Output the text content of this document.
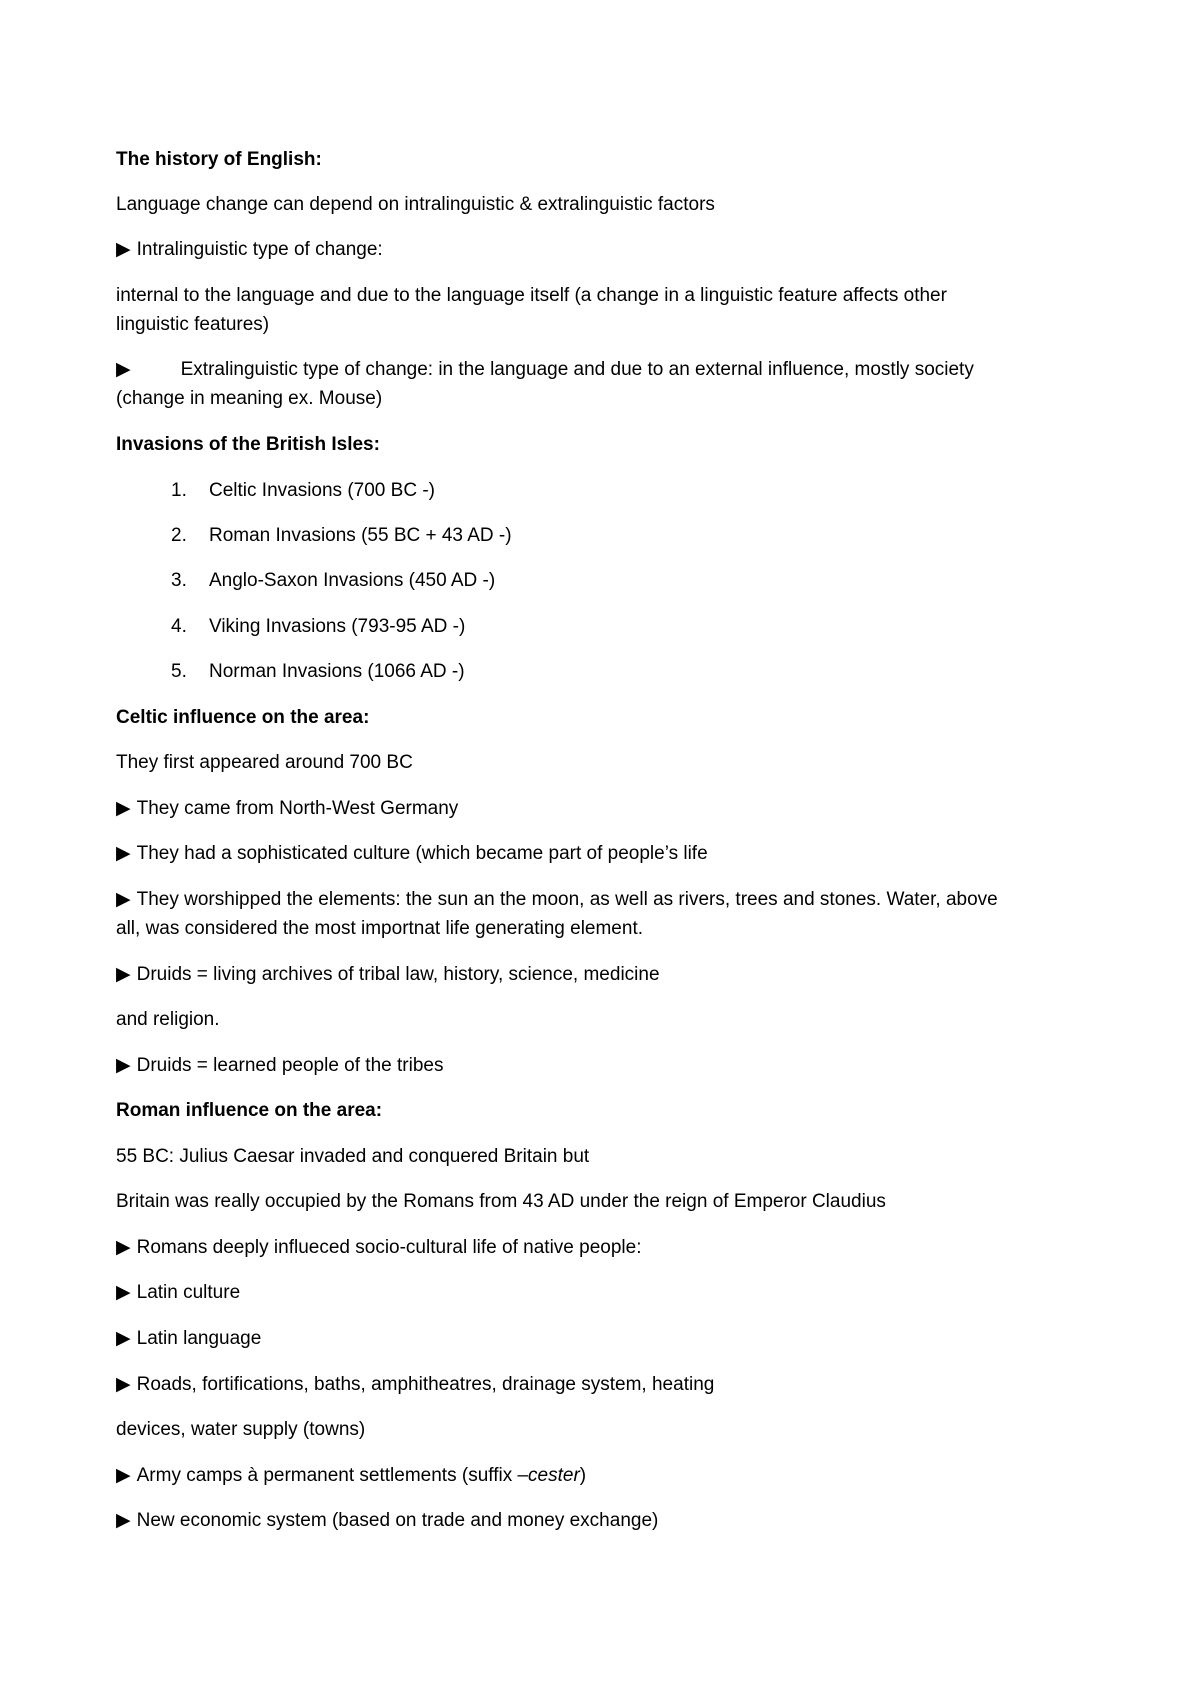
The history of English:
Language change can depend on intralinguistic & extralinguistic factors
▶ Intralinguistic type of change:
internal to the language and due to the language itself (a change in a linguistic feature affects other
linguistic features)
▶	Extralinguistic type of change: in the language and due to an external influence, mostly society
(change in meaning ex. Mouse)
Invasions of the British Isles:
1. Celtic Invasions (700 BC -)
2. Roman Invasions (55 BC + 43 AD -)
3. Anglo-Saxon Invasions (450 AD -)
4. Viking Invasions (793-95 AD -)
5. Norman Invasions (1066 AD -)
Celtic influence on the area:
They first appeared around 700 BC
▶ They came from North-West Germany
▶ They had a sophisticated culture (which became part of people’s life
▶ They worshipped the elements: the sun an the moon, as well as rivers, trees and stones. Water, above
all, was considered the most importnat life generating element.
▶ Druids = living archives of tribal law, history, science, medicine
and religion.
▶ Druids = learned people of the tribes
Roman influence on the area:
55 BC: Julius Caesar invaded and conquered Britain but
Britain was really occupied by the Romans from 43 AD under the reign of Emperor Claudius
▶ Romans deeply influeced socio-cultural life of native people:
▶ Latin culture
▶ Latin language
▶ Roads, fortifications, baths, amphitheatres, drainage system, heating
devices, water supply (towns)
▶ Army camps à permanent settlements (suffix –cester)
▶ New economic system (based on trade and money exchange)
